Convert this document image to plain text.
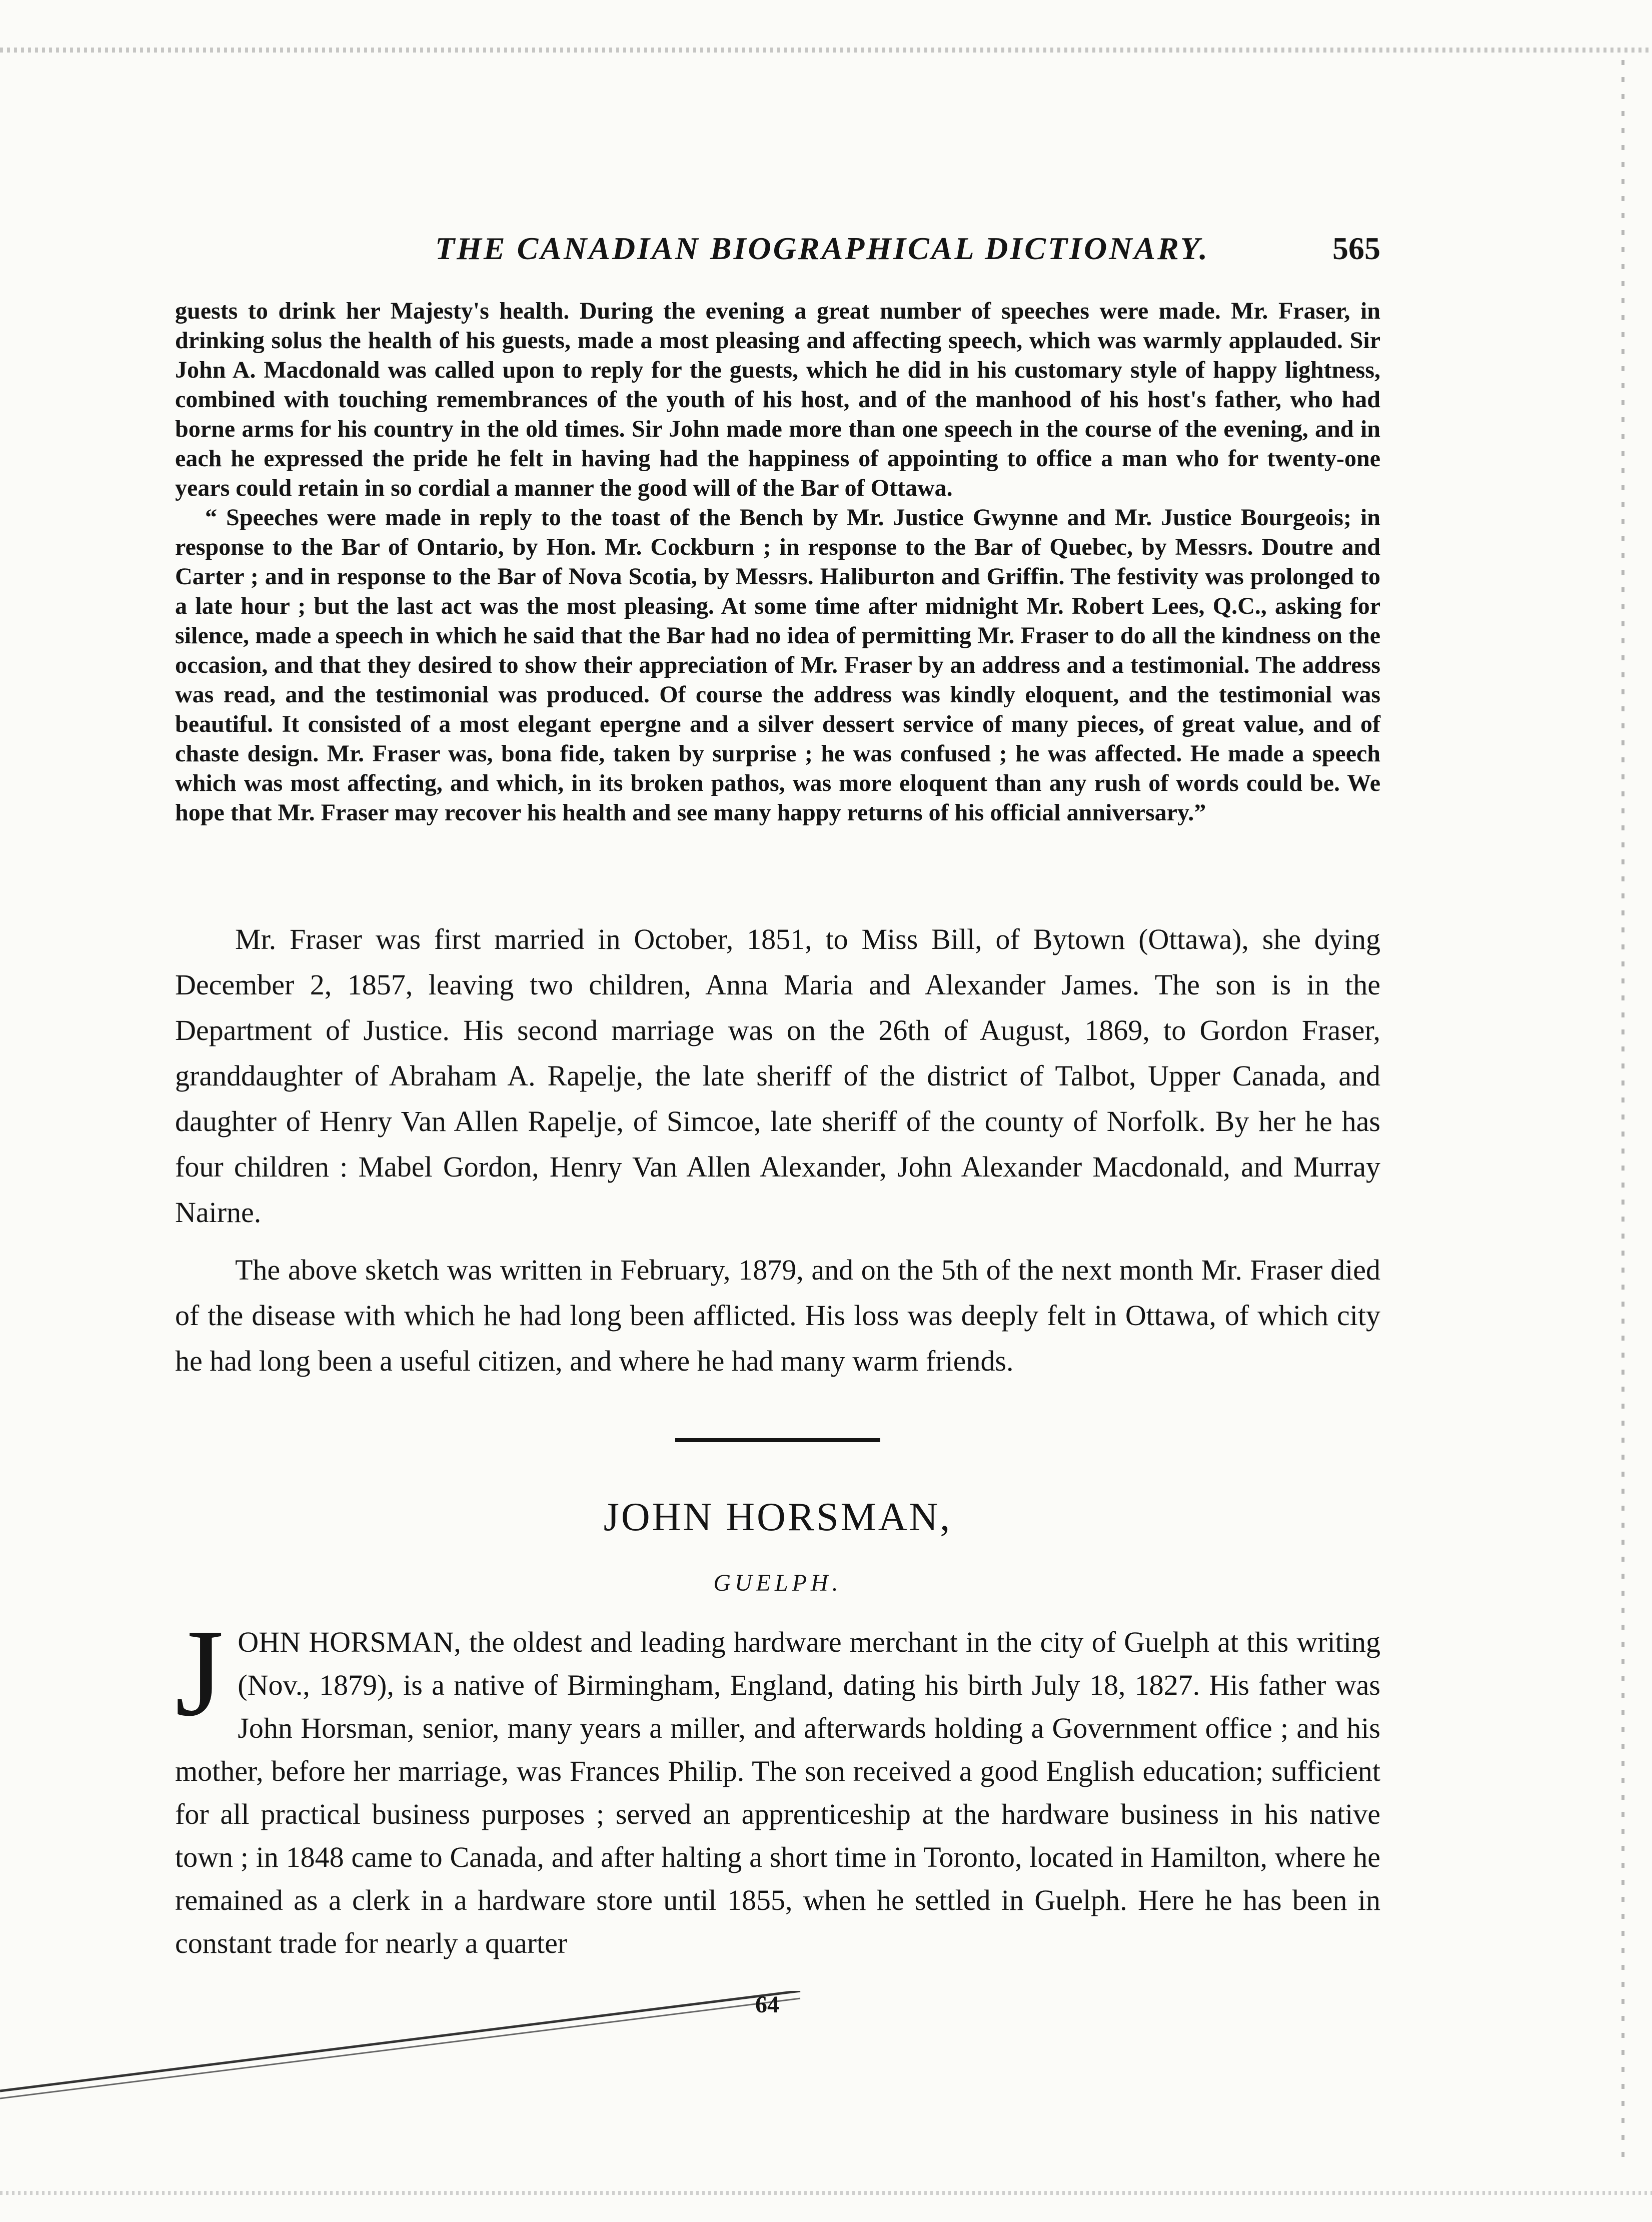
THE CANADIAN BIOGRAPHICAL DICTIONARY.	565

guests to drink her Majesty's health. During the evening a great number of speeches were made. Mr. Fraser, in drinking solus the health of his guests, made a most pleasing and affecting speech, which was warmly applauded. Sir John A. Macdonald was called upon to reply for the guests, which he did in his customary style of happy lightness, combined with touching remembrances of the youth of his host, and of the manhood of his host's father, who had borne arms for his country in the old times. Sir John made more than one speech in the course of the evening, and in each he expressed the pride he felt in having had the happiness of appointing to office a man who for twenty-one years could retain in so cordial a manner the good will of the Bar of Ottawa.

“ Speeches were made in reply to the toast of the Bench by Mr. Justice Gwynne and Mr. Justice Bourgeois; in response to the Bar of Ontario, by Hon. Mr. Cockburn ; in response to the Bar of Quebec, by Messrs. Doutre and Carter ; and in response to the Bar of Nova Scotia, by Messrs. Haliburton and Griffin. The festivity was prolonged to a late hour ; but the last act was the most pleasing. At some time after midnight Mr. Robert Lees, Q.C., asking for silence, made a speech in which he said that the Bar had no idea of permitting Mr. Fraser to do all the kindness on the occasion, and that they desired to show their appreciation of Mr. Fraser by an address and a testimonial. The address was read, and the testimonial was produced. Of course the address was kindly eloquent, and the testimonial was beautiful. It consisted of a most elegant epergne and a silver dessert service of many pieces, of great value, and of chaste design. Mr. Fraser was, bona fide, taken by surprise ; he was confused ; he was affected. He made a speech which was most affecting, and which, in its broken pathos, was more eloquent than any rush of words could be. We hope that Mr. Fraser may recover his health and see many happy returns of his official anniversary.”

Mr. Fraser was first married in October, 1851, to Miss Bill, of Bytown (Ottawa), she dying December 2, 1857, leaving two children, Anna Maria and Alexander James. The son is in the Department of Justice. His second marriage was on the 26th of August, 1869, to Gordon Fraser, granddaughter of Abraham A. Rapelje, the late sheriff of the district of Talbot, Upper Canada, and daughter of Henry Van Allen Rapelje, of Simcoe, late sheriff of the county of Norfolk. By her he has four children : Mabel Gordon, Henry Van Allen Alexander, John Alexander Macdonald, and Murray Nairne.

The above sketch was written in February, 1879, and on the 5th of the next month Mr. Fraser died of the disease with which he had long been afflicted. His loss was deeply felt in Ottawa, of which city he had long been a useful citizen, and where he had many warm friends.

JOHN HORSMAN,
GUELPH.

JOHN HORSMAN, the oldest and leading hardware merchant in the city of Guelph at this writing (Nov., 1879), is a native of Birmingham, England, dating his birth July 18, 1827. His father was John Horsman, senior, many years a miller, and afterwards holding a Government office ; and his mother, before her marriage, was Frances Philip. The son received a good English education; sufficient for all practical business purposes ; served an apprenticeship at the hardware business in his native town ; in 1848 came to Canada, and after halting a short time in Toronto, located in Hamilton, where he remained as a clerk in a hardware store until 1855, when he settled in Guelph. Here he has been in constant trade for nearly a quarter

64
